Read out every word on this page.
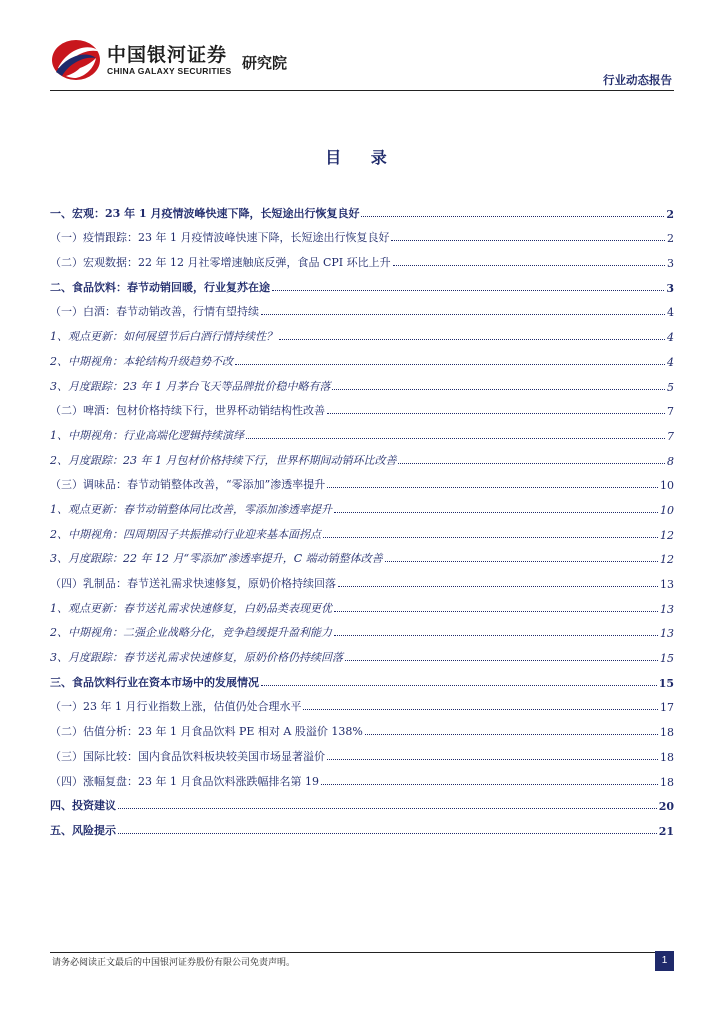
中国银河证券
CHINA GALAXY SECURITIES 研究院
行业动态报告
目 录
一、宏观：23 年 1 月疫情波峰快速下降，长短途出行恢复良好	2
（一）疫情跟踪：23 年 1 月疫情波峰快速下降，长短途出行恢复良好	2
（二）宏观数据：22 年 12 月社零增速触底反弹，食品 CPI 环比上升	3
二、食品饮料：春节动销回暖，行业复苏在途	3
（一）白酒：春节动销改善，行情有望持续	4
1、观点更新：如何展望节后白酒行情持续性？	4
2、中期视角：本轮结构升级趋势不改	4
3、月度跟踪：23 年 1 月茅台飞天等品牌批价稳中略有落	5
（二）啤酒：包材价格持续下行，世界杯动销结构性改善	7
1、中期视角：行业高端化逻辑持续演绎	7
2、月度跟踪：23 年 1 月包材价格持续下行，世界杯期间动销环比改善	8
（三）调味品：春节动销整体改善，“零添加”渗透率提升	10
1、观点更新：春节动销整体同比改善，零添加渗透率提升	10
2、中期视角：四周期因子共振推动行业迎来基本面拐点	12
3、月度跟踪：22 年 12 月“零添加”渗透率提升，C 端动销整体改善	12
（四）乳制品：春节送礼需求快速修复，原奶价格持续回落	13
1、观点更新：春节送礼需求快速修复，白奶品类表现更优	13
2、中期视角：二强企业战略分化，竞争趋缓提升盈利能力	13
3、月度跟踪：春节送礼需求快速修复，原奶价格仍持续回落	15
三、食品饮料行业在资本市场中的发展情况	15
（一）23 年 1 月行业指数上涨，估值仍处合理水平	17
（二）估值分析：23 年 1 月食品饮料 PE 相对 A 股溢价 138%	18
（三）国际比较：国内食品饮料板块较美国市场显著溢价	18
（四）涨幅复盘：23 年 1 月食品饮料涨跌幅排名第 19	18
四、投资建议	20
五、风险提示	21
请务必阅读正文最后的中国银河证券股份有限公司免责声明。	1
